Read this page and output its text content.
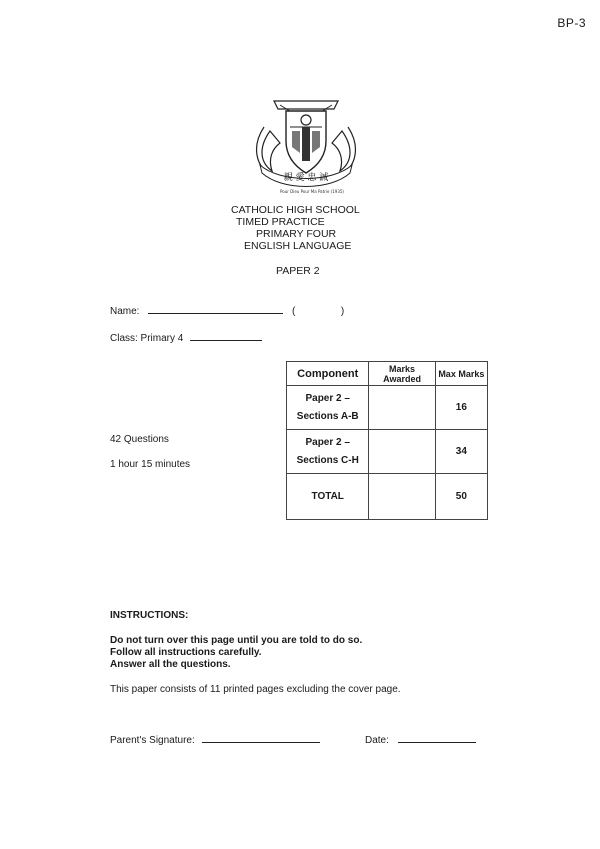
BP-3
親 愛 忠 誠
Pour Dieu Pour Ma Patrie (1935)
CATHOLIC HIGH SCHOOL
TIMED PRACTICE
PRIMARY FOUR
ENGLISH LANGUAGE
PAPER 2
Name:	(	)
Class: Primary 4
42 Questions
1 hour 15 minutes
Component	Marks Awarded	Max Marks

Paper 2 –
Sections A-B		16

Paper 2 –
Sections C-H		34
TOTAL		50
INSTRUCTIONS:
Do not turn over this page until you are told to do so.
Follow all instructions carefully.
Answer all the questions.
This paper consists of 11 printed pages excluding the cover page.
Parent's Signature:	Date:
